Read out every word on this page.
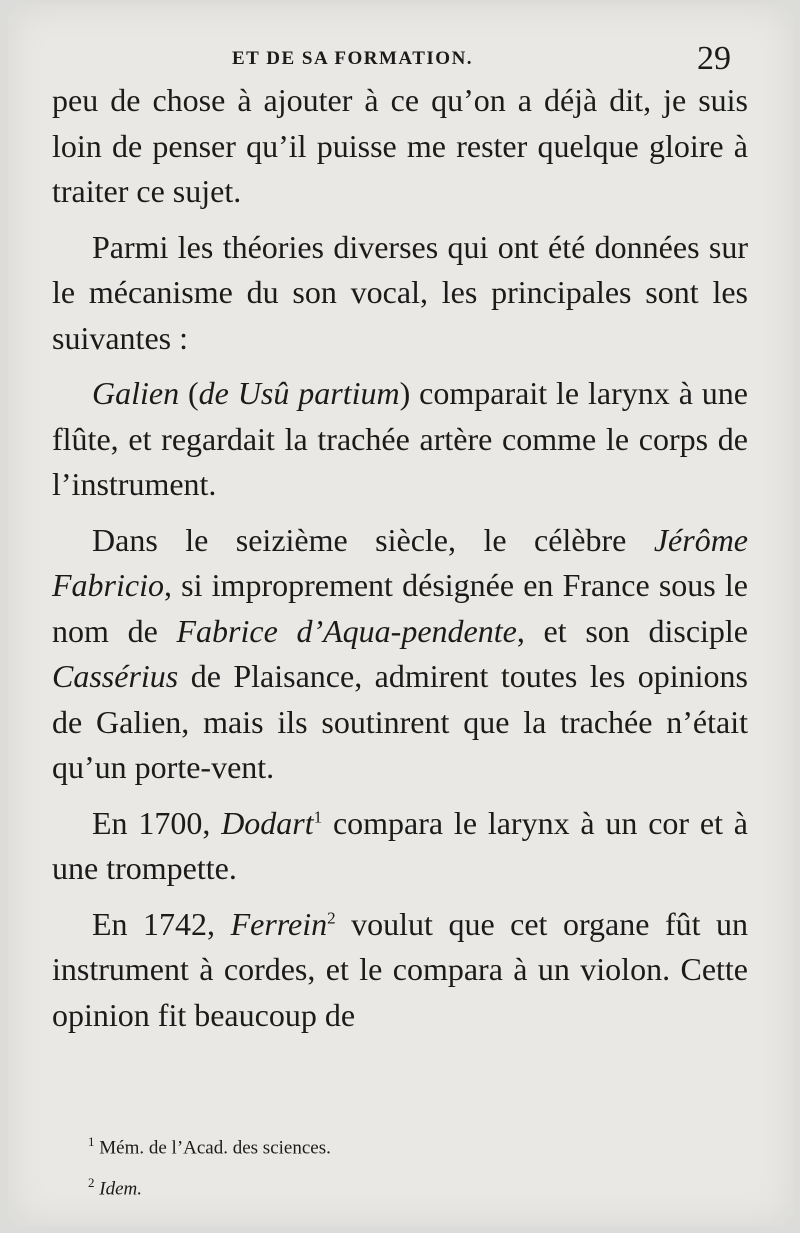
ET DE SA FORMATION.	29

peu de chose à ajouter à ce qu’on a déjà dit, je suis loin de penser qu’il puisse me rester quelque gloire à traiter ce sujet.

Parmi les théories diverses qui ont été données sur le mécanisme du son vocal, les principales sont les suivantes :

Galien (de Usû partium) comparait le larynx à une flûte, et regardait la trachée artère comme le corps de l’instrument.

Dans le seizième siècle, le célèbre Jérôme Fabricio, si improprement désignée en France sous le nom de Fabrice d’Aqua-pendente, et son disciple Cassérius de Plaisance, admirent toutes les opinions de Galien, mais ils soutinrent que la trachée n’était qu’un porte-vent.

En 1700, Dodart$^1$ compara le larynx à un cor et à une trompette.

En 1742, Ferrein$^2$ voulut que cet organe fût un instrument à cordes, et le compara à un violon. Cette opinion fit beaucoup de

$^1$ Mém. de l’Acad. des sciences.
$^2$ Idem.
